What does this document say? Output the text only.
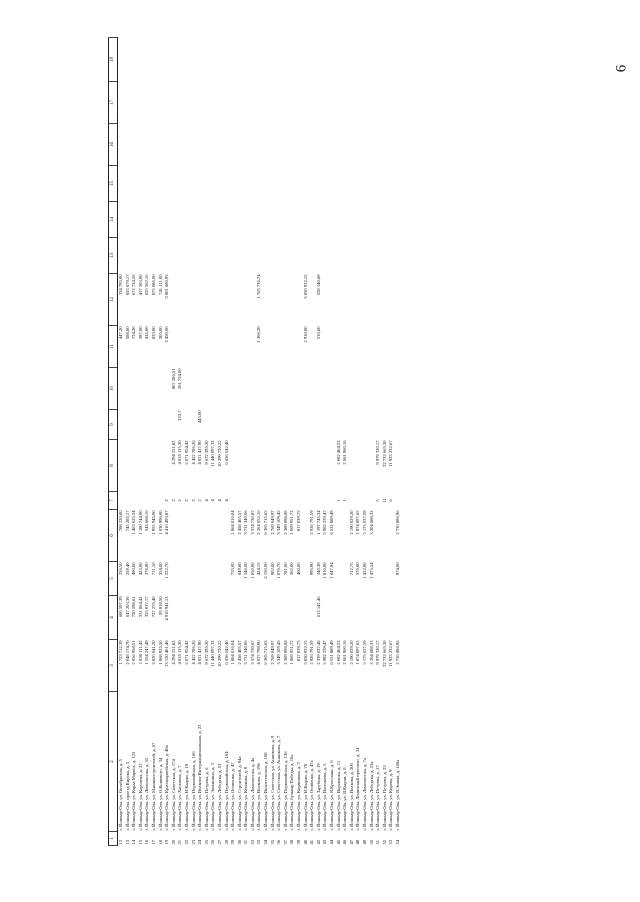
6
1	2	3	4	5	6	7	8	9	10	11	12	13	14	15	16	17	18
12	г. Йошкар-Ола, ул. Октябрьская, д. 5	1 723 712,39	600 597,39	236,50	788 220,00					447,20	334 795,00						
13	г. Йошкар-Ола, проезд Кирова, д. 5	2 048 174,70	647 203,36	259,40	745 285,17					588,00	655 679,17						
14	г. Йошкар-Ола, ул. Карла Маркса, д. 123	2 856 958,51	720 598,61	490,00	1 463 625,34					724,20	672 734,56						
15	г. Йошкар-Ола, ул. Королева, д. 22	1 830 111,42	231 864,42	423,00	1 180 744,00					397,00	417 503,00						
16	г. Йошкар-Ола, ул. Ломоносова, д. 55	1 554 247,49	355 017,17	278,80	543 668,16					415,00	655 562,16						
17	г. Йошкар-Ола, ул. Машиностроителей, д. 67	3 820 041,20	727 276,40	711,10	1 955 945,00					833,00	875 086,00						
18	г. Йошкар-Ола, ул. О.Кошевого, д. 34	1 868 925,50	95 818,50	354,00	1 030 996,00					305,00	741 111,00						
19	г. Йошкар-Ола, ул. Красноармейская, д. 48а	13 120 401,46	4 910 941,13	1 222,70	4 410 493,87	2				3 450,00	3 801 680,95						
20	г. Йошкар-Ола, ул. Советская, д. 174	4 294 221,82				2	4 294 221,82		807 286,51								
21	г. Йошкар-Ола, ул. Хасанова, д. 7	4 035 115,30				2	4 035 115,30	323,7	261 734,00								
22	г. Йошкар-Ола, ул. И.Кырли, д. 19	5 071 954,42				2	5 071 954,42										
23	г. Йошкар-Ола, ул. Первомайская, д. 166	4 452 786,26				2	4 452 786,26										
24	г. Йошкар-Ола, ул. Волкова-Интернациональная, д. 23	4 821 417,90				2	4 821 417,90	445,00									
25	г. Йошкар-Ола, ул. Петрова, д. 6	9 672 395,20				4	9 672 395,20										
26	г. Йошкар-Ола, ул. Эшкинина, д. 3	11 440 097,32				4	11 440 097,32										
27	г. Йошкар-Ола, ул. Лебедева, д. 53	10 299 720,22				4	10 299 720,22										
28	г. Йошкар-Ола, ул. Первомайская, д. 164	6 656 542,40				4	6 656 542,40										
29	г. Йошкар-Ола, ул. Осипенко, д. 47	1 864 016,04		755,00	1 864 016,04												
30	г. Йошкар-Ола, ул. Строителей, д. 94а	2 458 405,57		649,00	2 458 405,57												
31	г. Йошкар-Ола, ул. Кошкова, д. 8	3 731 340,06		1 346,00	3 731 340,06												
32	г. Йошкар-Ола, ул. Ломоносова, д. 4а	3 374 730,87		1 050,00	3 374 730,87												
33	г. Йошкар-Ола, ул. Волкова, д. 196	4 027 798,90		424,15	2 264 052,16					1 366,20	1 763 736,74						
34	г. Йошкар-Ола, ул. Вознесенская, д. 108	6 365 715,65		2 150,00	6 365 715,65												
35	г. Йошкар-Ола, ул. Советская, ул. Анникова, д. 9	2 769 049,97		902,00	2 769 049,97												
36	г. Йошкар-Ола, ул. Советская, ул. Анникова, д. 7	3 349 109,45		1 076,70	3 349 109,45												
37	г. Йошкар-Ола, ул. Первомайская, д. 136	2 389 096,08		781,00	2 389 096,08												
38	г. Йошкар-Ола, бульвар Победы, д. 10а	1 069 951,72		362,00	1 069 951,72												
39	г. Йошкар-Ола, ул. Кирпичная, д. 3	817 039,75		460,00	817 039,75												
40	г. Йошкар-Ола, ул. И.Кырли, д. 78	5 050 932,15								2 910,00	5 050 932,15						
41	г. Йошкар-Ола, ул. Осипенко, д. 47а	2 926 791,59		995,90	2 926 791,59												
42	г. Йошкар-Ола, ул. Зарубина, д. 19	2 339 027,48	613 141,46	340,30	1 197 745,34					510,60	528 140,68						
43	г. Йошкар-Ола, ул. Васильева, д. 5	5 982 239,47		1 810,00	5 982 239,47												
44	г. Йошкар-Ола, ул. Я.Крастыня, д. 6	6 531 889,49		1 847,94	6 531 889,49												
45	г. Йошкар-Ола, ул. Воронкова, д. 11	2 082 464,53				1	2 082 464,53										
46	г. Йошкар-Ola, ул. Я.Кырли, д. 8	2 061 960,16				1	2 061 960,16										
47	г. Йошкар-Ола, ул. Волкова, д. 200	2 190 029,20		712,75	2 190 029,20												
48	г. Йошкар-Ола, Ленинский проспект, д. 34	1 874 897,65		570,00	1 874 897,65												
49	г. Йошкар-Ола, ул. Ломоносова, д. 7а	5 175 037,59		1 422,00	5 175 037,59												
50	г. Йошкар-Ола, ул. Лебедева, д. 53а	3 204 688,33		1 475,54	3 204 688,33												
51	г. Йошкар-Ола, ул. Петрова, д. 17	9 979 330,17				5	9 979 330,17										
52	г. Йошкар-Ола, ул. Петрова, д. 23	22 733 665,38				11	22 733 665,38										
53	г. Йошкар-Ола, ул. Кирова, д. 9	11 923 232,67				6	11 923 232,67										
54	г. Йошкар-Ола, ул. Я.Эшпая, д. 166а	2 736 886,96		974,00	2 736 886,96												
